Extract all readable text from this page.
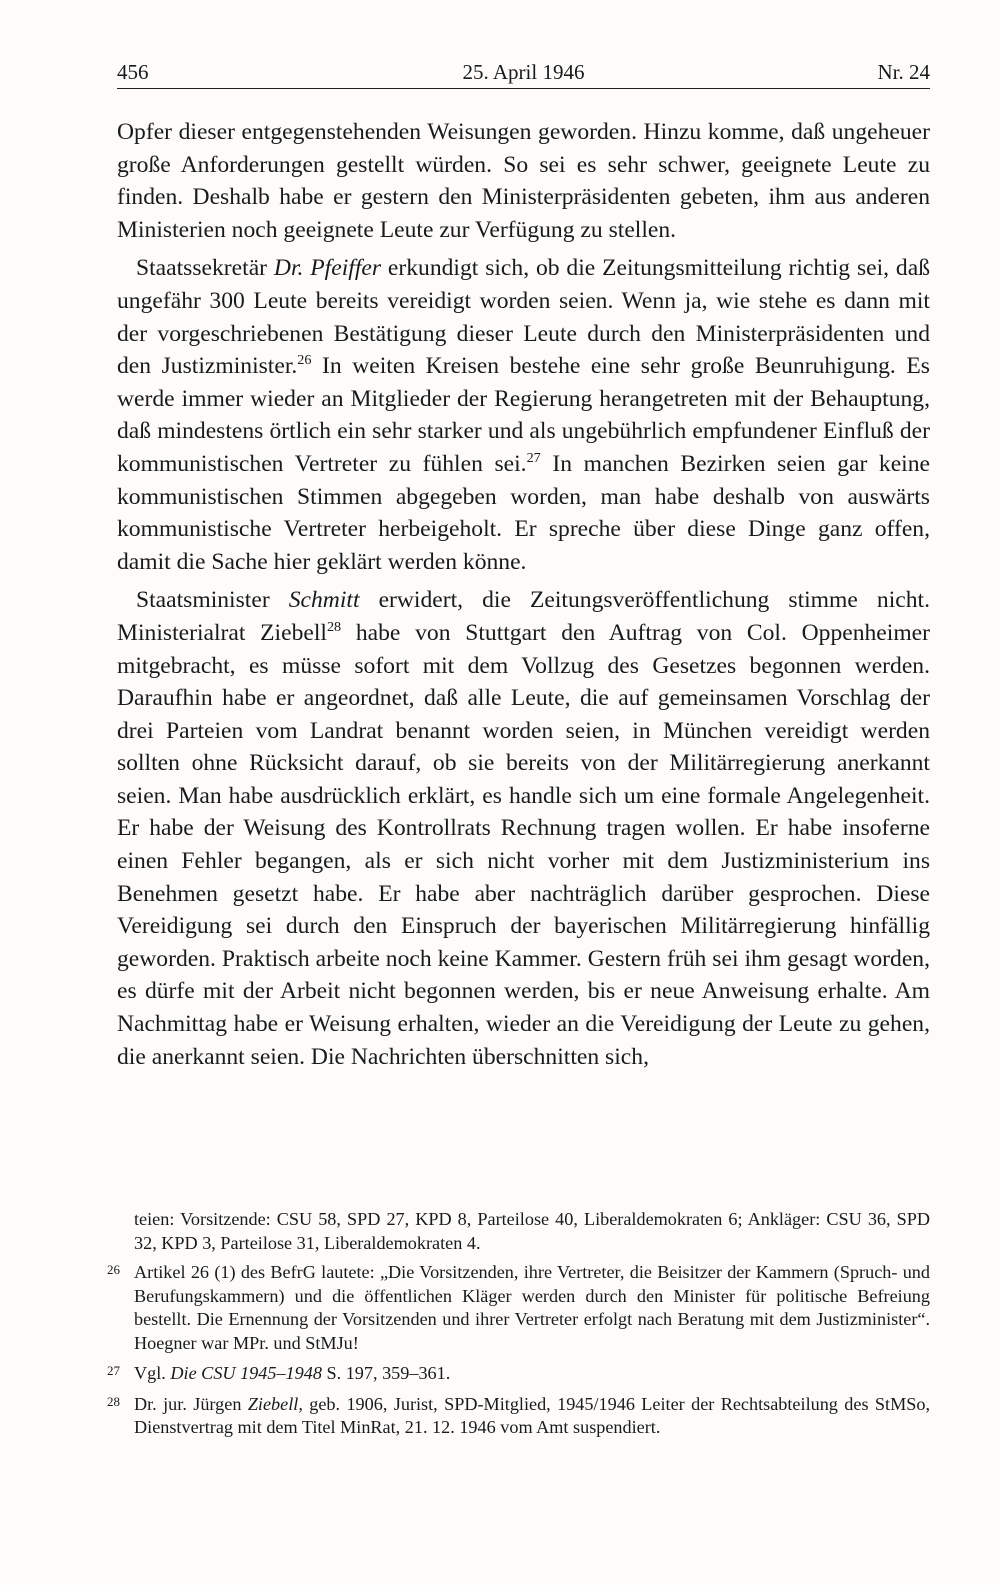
456	25. April 1946	Nr. 24

Opfer dieser entgegenstehenden Weisungen geworden. Hinzu komme, daß ungeheuer große Anforderungen gestellt würden. So sei es sehr schwer, geeignete Leute zu finden. Deshalb habe er gestern den Ministerpräsidenten gebeten, ihm aus anderen Ministerien noch geeignete Leute zur Verfügung zu stellen.

Staatssekretär Dr. Pfeiffer erkundigt sich, ob die Zeitungsmitteilung richtig sei, daß ungefähr 300 Leute bereits vereidigt worden seien. Wenn ja, wie stehe es dann mit der vorgeschriebenen Bestätigung dieser Leute durch den Ministerpräsidenten und den Justizminister.$^{26}$ In weiten Kreisen bestehe eine sehr große Beunruhigung. Es werde immer wieder an Mitglieder der Regierung herangetreten mit der Behauptung, daß mindestens örtlich ein sehr starker und als ungebührlich empfundener Einfluß der kommunistischen Vertreter zu fühlen sei.$^{27}$ In manchen Bezirken seien gar keine kommunistischen Stimmen abgegeben worden, man habe deshalb von auswärts kommunistische Vertreter herbeigeholt. Er spreche über diese Dinge ganz offen, damit die Sache hier geklärt werden könne.

Staatsminister Schmitt erwidert, die Zeitungsveröffentlichung stimme nicht. Ministerialrat Ziebell$^{28}$ habe von Stuttgart den Auftrag von Col. Oppenheimer mitgebracht, es müsse sofort mit dem Vollzug des Gesetzes begonnen werden. Daraufhin habe er angeordnet, daß alle Leute, die auf gemeinsamen Vorschlag der drei Parteien vom Landrat benannt worden seien, in München vereidigt werden sollten ohne Rücksicht darauf, ob sie bereits von der Militärregierung anerkannt seien. Man habe ausdrücklich erklärt, es handle sich um eine formale Angelegenheit. Er habe der Weisung des Kontrollrats Rechnung tragen wollen. Er habe insoferne einen Fehler begangen, als er sich nicht vorher mit dem Justizministerium ins Benehmen gesetzt habe. Er habe aber nachträglich darüber gesprochen. Diese Vereidigung sei durch den Einspruch der bayerischen Militärregierung hinfällig geworden. Praktisch arbeite noch keine Kammer. Gestern früh sei ihm gesagt worden, es dürfe mit der Arbeit nicht begonnen werden, bis er neue Anweisung erhalte. Am Nachmittag habe er Weisung erhalten, wieder an die Vereidigung der Leute zu gehen, die anerkannt seien. Die Nachrichten überschnitten sich,

teien: Vorsitzende: CSU 58, SPD 27, KPD 8, Parteilose 40, Liberaldemokraten 6; Ankläger: CSU 36, SPD 32, KPD 3, Parteilose 31, Liberaldemokraten 4.

26 Artikel 26 (1) des BefrG lautete: „Die Vorsitzenden, ihre Vertreter, die Beisitzer der Kammern (Spruch- und Berufungskammern) und die öffentlichen Kläger werden durch den Minister für politische Befreiung bestellt. Die Ernennung der Vorsitzenden und ihrer Vertreter erfolgt nach Beratung mit dem Justizminister“. Hoegner war MPr. und StMJu!

27 Vgl. Die CSU 1945–1948 S. 197, 359–361.

28 Dr. jur. Jürgen Ziebell, geb. 1906, Jurist, SPD-Mitglied, 1945/1946 Leiter der Rechtsabteilung des StMSo, Dienstvertrag mit dem Titel MinRat, 21. 12. 1946 vom Amt suspendiert.
